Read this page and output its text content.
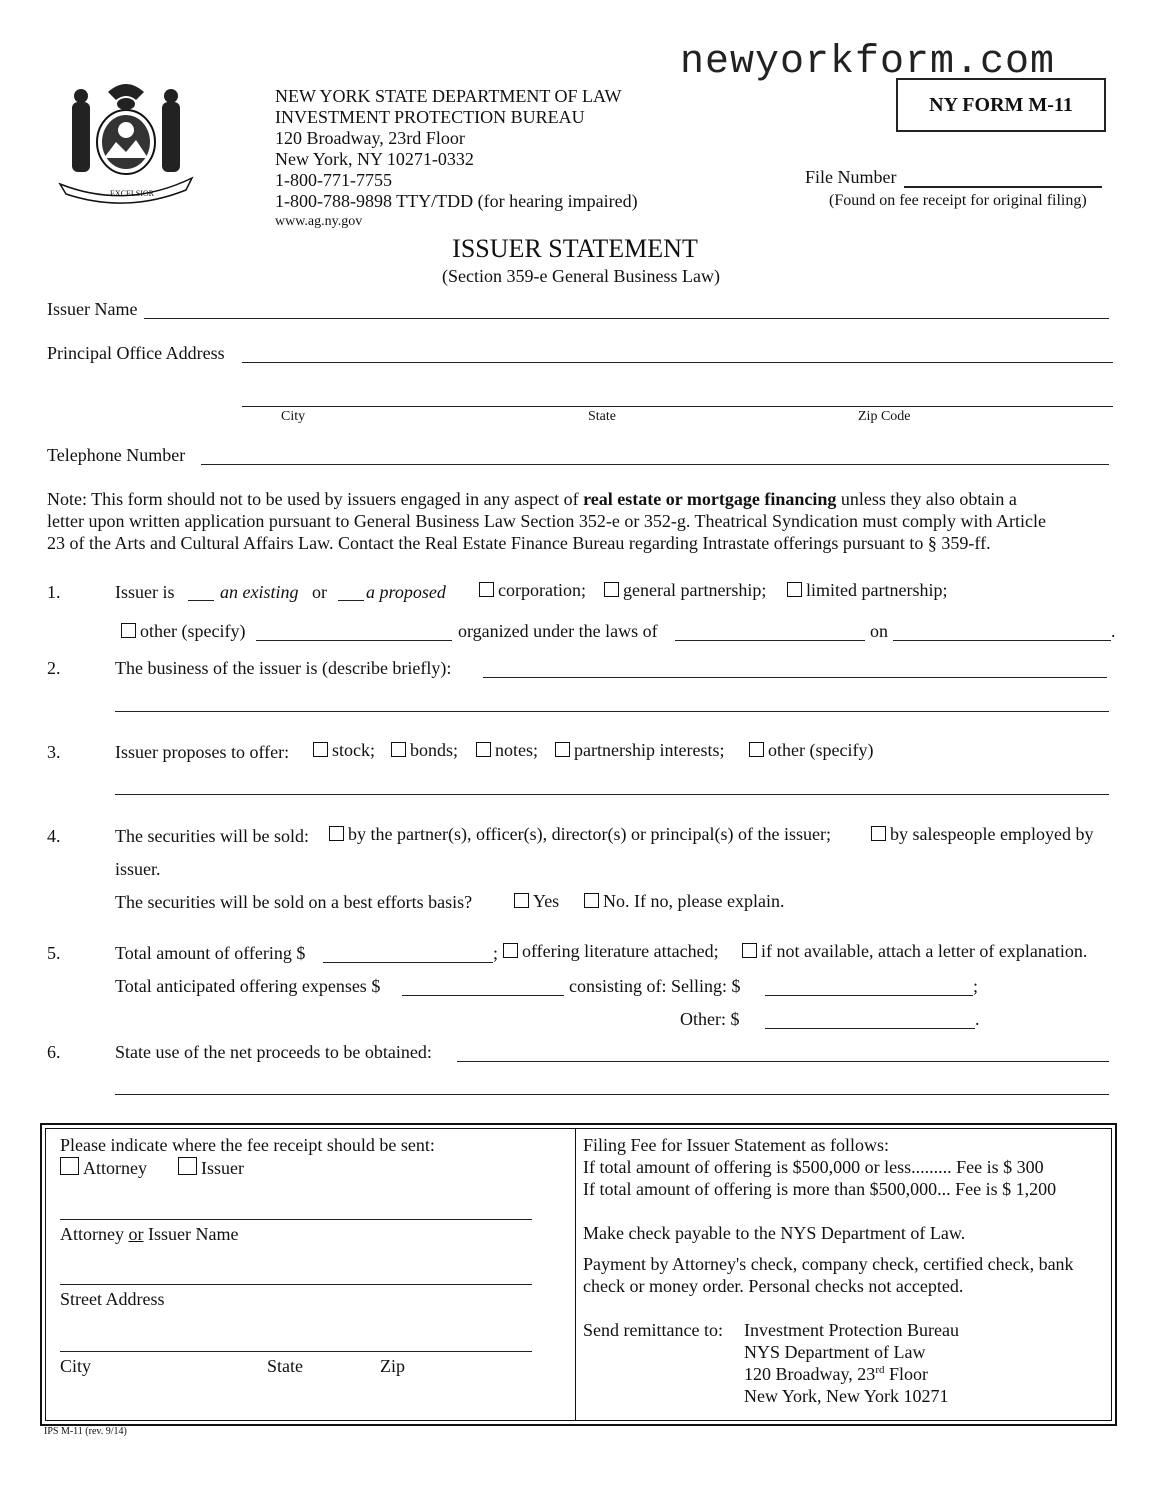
newyorkform.com
NY FORM M-11
EXCELSIOR
NEW YORK STATE DEPARTMENT OF LAW
INVESTMENT PROTECTION BUREAU
120 Broadway, 23rd Floor
New York, NY 10271-0332
1-800-771-7755
1-800-788-9898 TTY/TDD (for hearing impaired)
www.ag.ny.gov
File Number
(Found on fee receipt for original filing)
ISSUER STATEMENT
(Section 359-e General Business Law)
Issuer Name
Principal Office Address
City	State	Zip Code
Telephone Number
Note: This form should not to be used by issuers engaged in any aspect of real estate or mortgage financing unless they also obtain a
letter upon written application pursuant to General Business Law Section 352-e or 352-g. Theatrical Syndication must comply with Article
23 of the Arts and Cultural Affairs Law. Contact the Real Estate Finance Bureau regarding Intrastate offerings pursuant to § 359-ff.
1.	Issuer is	an existing or a proposed	corporation;	general partnership;	limited partnership;
other (specify)	organized under the laws of	on	.
2.	The business of the issuer is (describe briefly):
3.	Issuer proposes to offer:	stock;	bonds;	notes;	partnership interests;	other (specify)
4.	The securities will be sold:	by the partner(s), officer(s), director(s) or principal(s) of the issuer;	by salespeople employed by
issuer.
The securities will be sold on a best efforts basis?	Yes	No. If no, please explain.
5.	Total amount of offering $	;	offering literature attached;	if not available, attach a letter of explanation.
Total anticipated offering expenses $	consisting of: Selling: $	;
Other: $	.
6.	State use of the net proceeds to be obtained:
Please indicate where the fee receipt should be sent:
Attorney	Issuer
Attorney or Issuer Name
Street Address
City	State	Zip
Filing Fee for Issuer Statement as follows:
If total amount of offering is $500,000 or less......... Fee is $ 300
If total amount of offering is more than $500,000... Fee is $ 1,200
Make check payable to the NYS Department of Law.
Payment by Attorney's check, company check, certified check, bank
check or money order. Personal checks not accepted.
Send remittance to: Investment Protection Bureau
NYS Department of Law
120 Broadway, 23rd Floor
New York, New York 10271
IPS M-11 (rev. 9/14)
